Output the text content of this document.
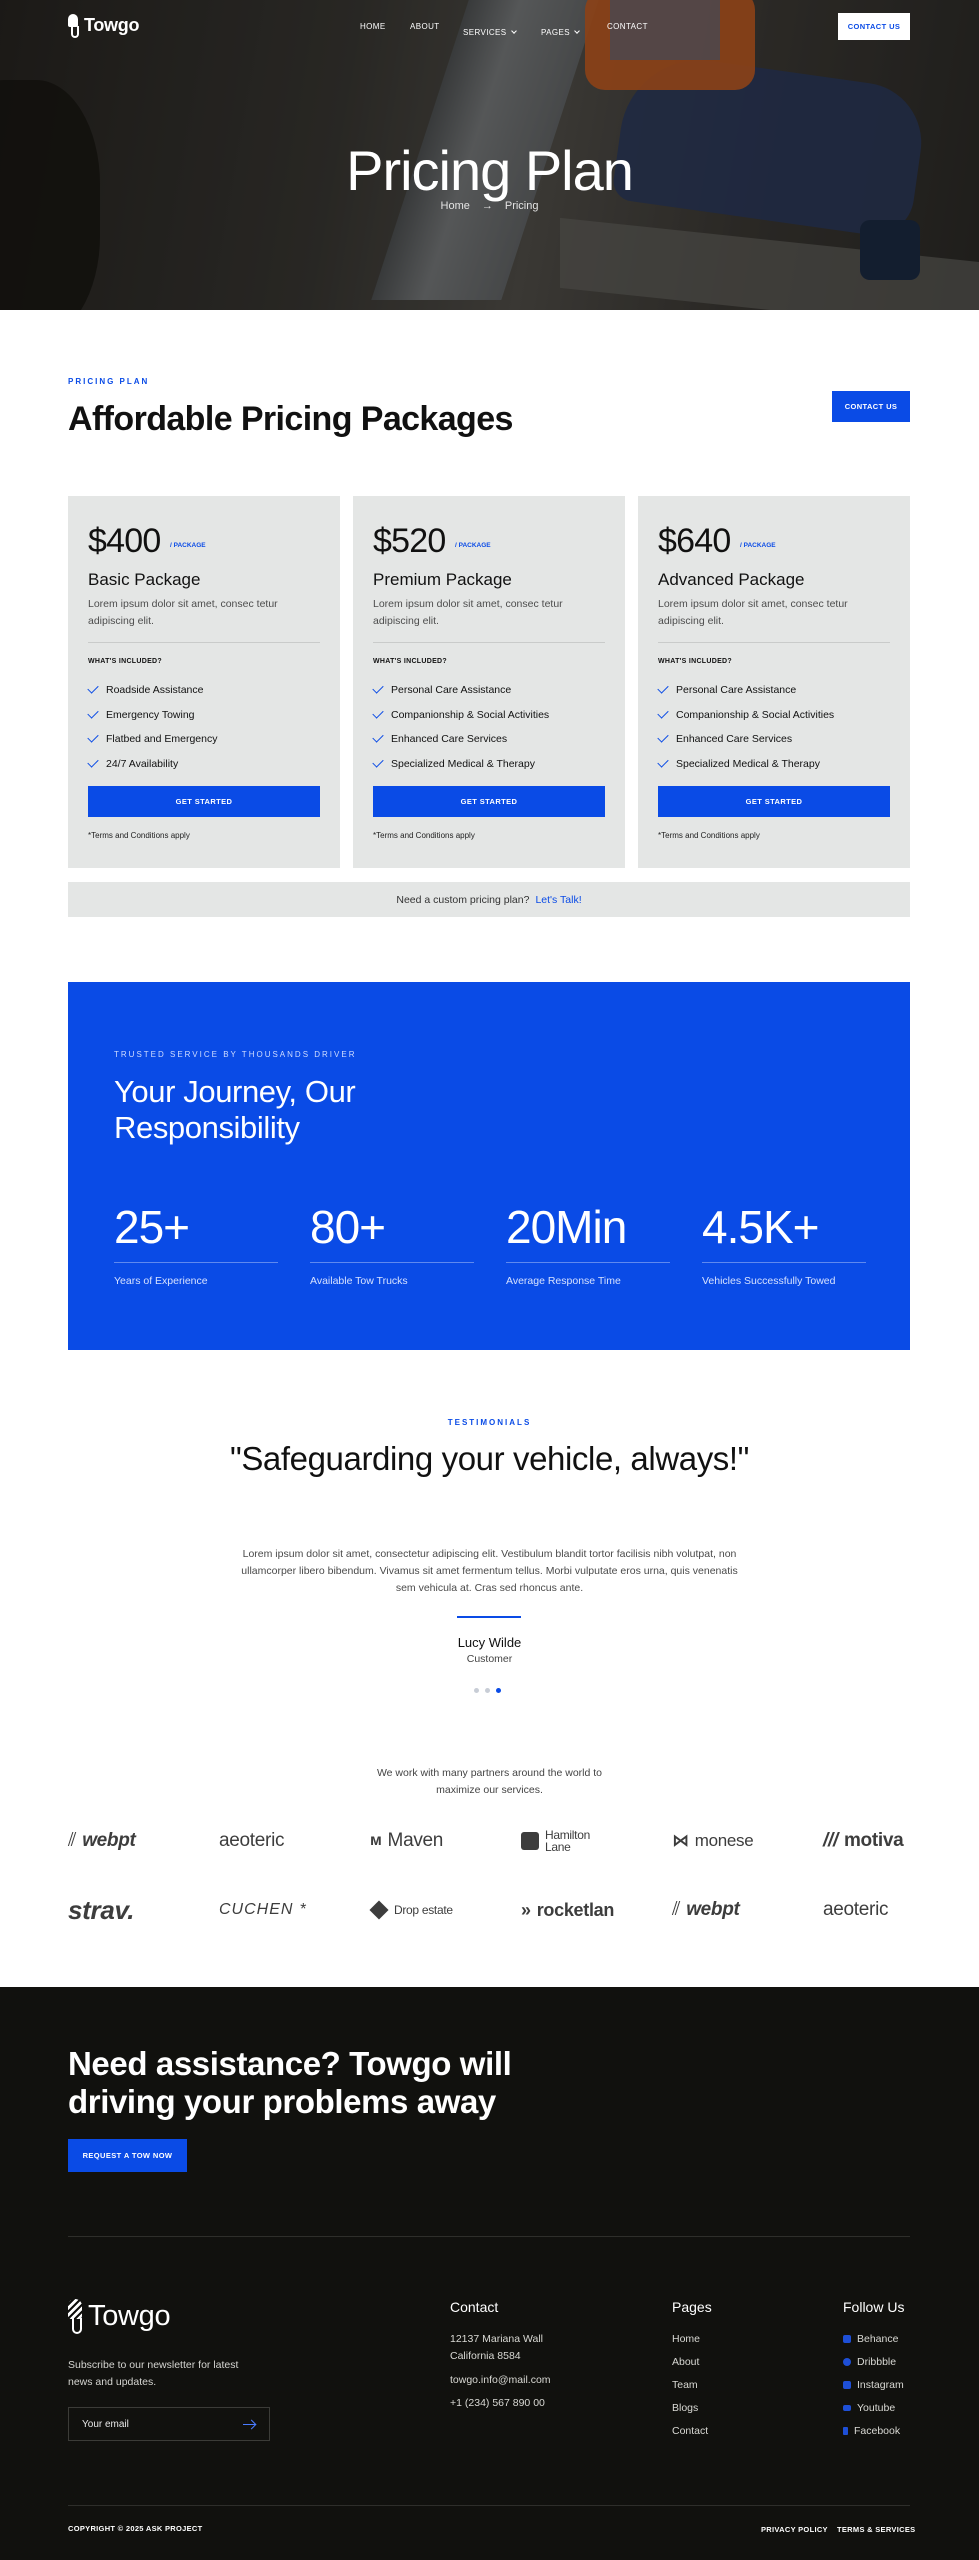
Towgo	HOME	ABOUT
SERVICES	PAGES
CONTACT	CONTACT US
Pricing Plan
Home → Pricing
PRICING PLAN
Affordable Pricing Packages	CONTACT US
$400 / PACKAGE
Basic Package
Lorem ipsum dolor sit amet, consec tetur adipiscing elit.
WHAT'S INCLUDED?
Roadside Assistance
Emergency Towing
Flatbed and Emergency
24/7 Availability
GET STARTED
*Terms and Conditions apply
$520 / PACKAGE
Premium Package
Lorem ipsum dolor sit amet, consec tetur adipiscing elit.
WHAT'S INCLUDED?
Personal Care Assistance
Companionship & Social Activities
Enhanced Care Services
Specialized Medical & Therapy
GET STARTED
*Terms and Conditions apply
$640 / PACKAGE
Advanced Package
Lorem ipsum dolor sit amet, consec tetur adipiscing elit.
WHAT'S INCLUDED?
Personal Care Assistance
Companionship & Social Activities
Enhanced Care Services
Specialized Medical & Therapy
GET STARTED
*Terms and Conditions apply
Need a custom pricing plan? Let's Talk!
TRUSTED SERVICE BY THOUSANDS DRIVER
Your Journey, Our Responsibility
25+
Years of Experience
80+
Available Tow Trucks
20Min
Average Response Time
4.5K+
Vehicles Successfully Towed
TESTIMONIALS
"Safeguarding your vehicle, always!"

Lorem ipsum dolor sit amet, consectetur adipiscing elit. Vestibulum blandit tortor facilisis nibh volutpat, non ullamcorper libero bibendum. Vivamus sit amet fermentum tellus. Morbi vulputate eros urna, quis venenatis sem vehicula at. Cras sed rhoncus ante.

Lucy Wilde
Customer

We work with many partners around the world to maximize our services.

⫽ webpt	aeoteric	ᴍ Maven	Hamilton Lane	⋈ monese	/// motiva
strav.	CUCHEN *	Drop estate	» rocketlan	⫽ webpt	aeoteric
Need assistance? Towgo will driving your problems away
REQUEST A TOW NOW
Towgo

Subscribe to our newsletter for latest news and updates.

Your email
Contact
12137 Mariana Wall
California 8584
towgo.info@mail.com
+1 (234) 567 890 00
Pages
Home
About
Team
Blogs
Contact
Follow Us
Behance
Dribbble
Instagram
Youtube
Facebook
COPYRIGHT © 2025 ASK PROJECT	PRIVACY POLICY TERMS & SERVICES
